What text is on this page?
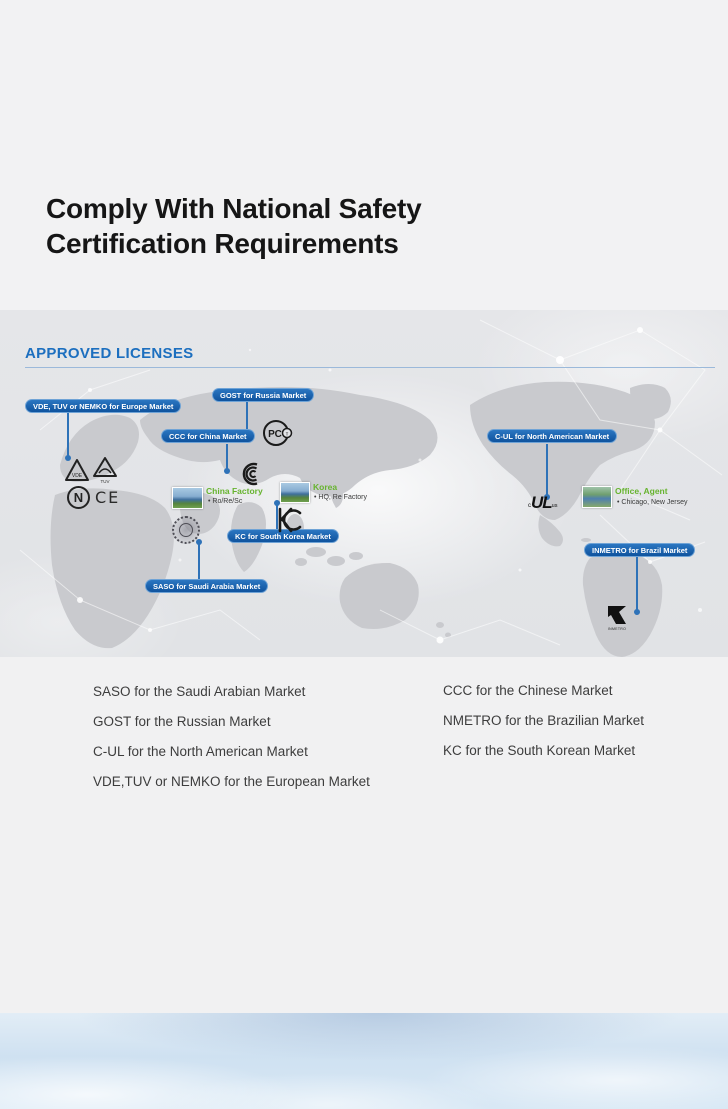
Comply With National Safety
Certification Requirements
APPROVED LICENSES
VDE, TUV or NEMKO for Europe Market
GOST for Russia Market
CCC for China Market	C-UL for North American Market
KC for South Korea Market
SASO for Saudi Arabia Market
INMETRO for Brazil Market
VDE
TUV
N CE
РС т
c UL us
INMETRO
China Factory
• Ro/Re/Sc
Korea
• HQ, Re Factory
Office, Agent
• Chicago, New Jersey
SASO for the Saudi Arabian Market
GOST for the Russian Market
C-UL for the North American Market
VDE,TUV or NEMKO for the European Market
CCC for the Chinese Market
NMETRO for the Brazilian Market
KC for the South Korean Market
